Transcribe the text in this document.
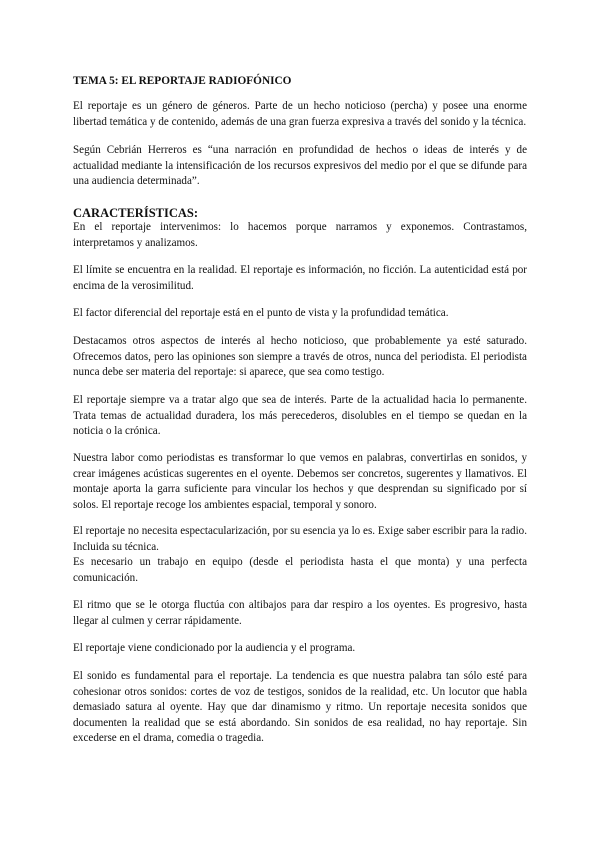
TEMA 5: EL REPORTAJE RADIOFÓNICO

El reportaje es un género de géneros. Parte de un hecho noticioso (percha) y posee una enorme libertad temática y de contenido, además de una gran fuerza expresiva a través del sonido y la técnica.

Según Cebrián Herreros es “una narración en profundidad de hechos o ideas de interés y de actualidad mediante la intensificación de los recursos expresivos del medio por el que se difunde para una audiencia determinada”.

CARACTERÍSTICAS:

En el reportaje intervenimos: lo hacemos porque narramos y exponemos. Contrastamos, interpretamos y analizamos.

El límite se encuentra en la realidad. El reportaje es información, no ficción. La autenticidad está por encima de la verosimilitud.

El factor diferencial del reportaje está en el punto de vista y la profundidad temática.

Destacamos otros aspectos de interés al hecho noticioso, que probablemente ya esté saturado. Ofrecemos datos, pero las opiniones son siempre a través de otros, nunca del periodista. El periodista nunca debe ser materia del reportaje: si aparece, que sea como testigo.

El reportaje siempre va a tratar algo que sea de interés. Parte de la actualidad hacia lo permanente. Trata temas de actualidad duradera, los más perecederos, disolubles en el tiempo se quedan en la noticia o la crónica.

Nuestra labor como periodistas es transformar lo que vemos en palabras, convertirlas en sonidos, y crear imágenes acústicas sugerentes en el oyente. Debemos ser concretos, sugerentes y llamativos. El montaje aporta la garra suficiente para vincular los hechos y que desprendan su significado por sí solos. El reportaje recoge los ambientes espacial, temporal y sonoro.

El reportaje no necesita espectacularización, por su esencia ya lo es. Exige saber escribir para la radio. Incluida su técnica.

Es necesario un trabajo en equipo (desde el periodista hasta el que monta) y una perfecta comunicación.

El ritmo que se le otorga fluctúa con altibajos para dar respiro a los oyentes. Es progresivo, hasta llegar al culmen y cerrar rápidamente.

El reportaje viene condicionado por la audiencia y el programa.

El sonido es fundamental para el reportaje. La tendencia es que nuestra palabra tan sólo esté para cohesionar otros sonidos: cortes de voz de testigos, sonidos de la realidad, etc. Un locutor que habla demasiado satura al oyente. Hay que dar dinamismo y ritmo. Un reportaje necesita sonidos que documenten la realidad que se está abordando. Sin sonidos de esa realidad, no hay reportaje. Sin excederse en el drama, comedia o tragedia.
